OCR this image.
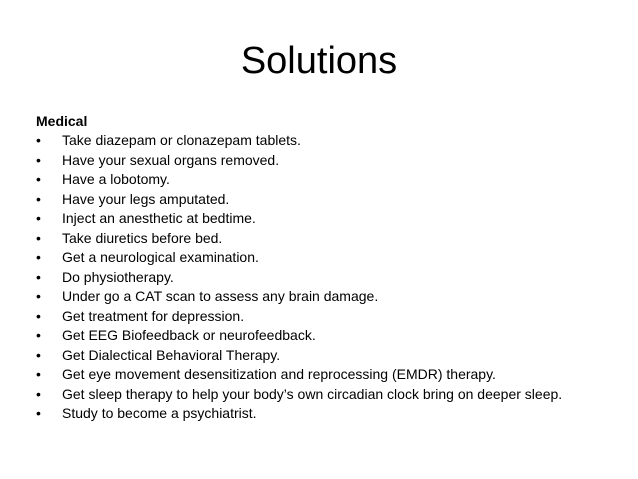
Solutions

Medical

•	Take diazepam or clonazepam tablets.
•	Have your sexual organs removed.
•	Have a lobotomy.
•	Have your legs amputated.
•	Inject an anesthetic at bedtime.
•	Take diuretics before bed.
•	Get a neurological examination.
•	Do physiotherapy.
•	Under go a CAT scan to assess any brain damage.
•	Get treatment for depression.
•	Get EEG Biofeedback or neurofeedback.
•	Get Dialectical Behavioral Therapy.
•	Get eye movement desensitization and reprocessing (EMDR) therapy.
•	Get sleep therapy to help your body’s own circadian clock bring on deeper sleep.
•	Study to become a psychiatrist.
